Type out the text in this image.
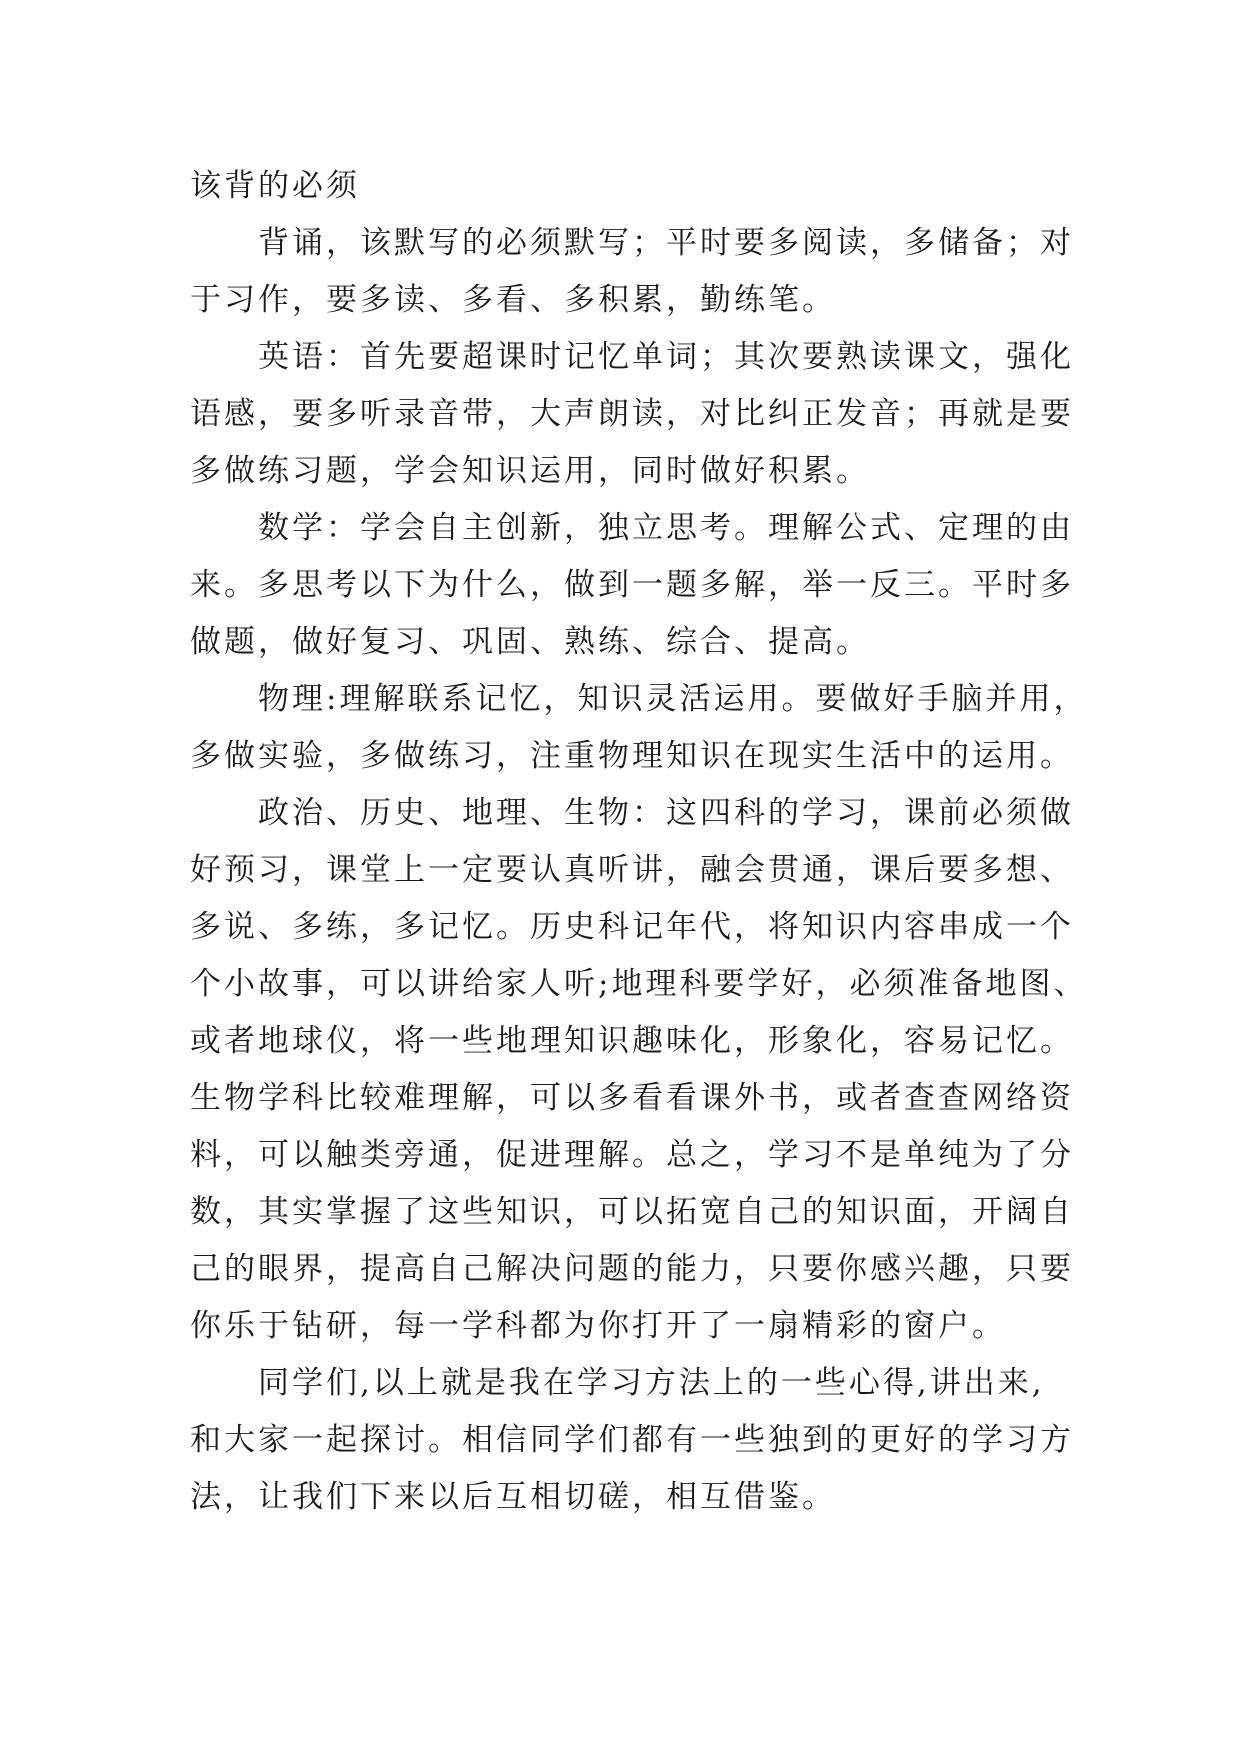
该背的必须
背诵，该默写的必须默写；平时要多阅读，多储备；对
于习作，要多读、多看、多积累，勤练笔。
英语：首先要超课时记忆单词；其次要熟读课文，强化
语感，要多听录音带，大声朗读，对比纠正发音；再就是要
多做练习题，学会知识运用，同时做好积累。
数学：学会自主创新，独立思考。理解公式、定理的由
来。多思考以下为什么，做到一题多解，举一反三。平时多
做题，做好复习、巩固、熟练、综合、提高。
物理:理解联系记忆，知识灵活运用。要做好手脑并用，
多做实验，多做练习，注重物理知识在现实生活中的运用。
政治、历史、地理、生物：这四科的学习，课前必须做
好预习，课堂上一定要认真听讲，融会贯通，课后要多想、
多说、多练，多记忆。历史科记年代，将知识内容串成一个
个小故事，可以讲给家人听;地理科要学好，必须准备地图、
或者地球仪，将一些地理知识趣味化，形象化，容易记忆。
生物学科比较难理解，可以多看看课外书，或者查查网络资
料，可以触类旁通，促进理解。总之，学习不是单纯为了分
数，其实掌握了这些知识，可以拓宽自己的知识面，开阔自
己的眼界，提高自己解决问题的能力，只要你感兴趣，只要
你乐于钻研，每一学科都为你打开了一扇精彩的窗户。
同学们,以上就是我在学习方法上的一些心得,讲出来,
和大家一起探讨。相信同学们都有一些独到的更好的学习方
法，让我们下来以后互相切磋，相互借鉴。
